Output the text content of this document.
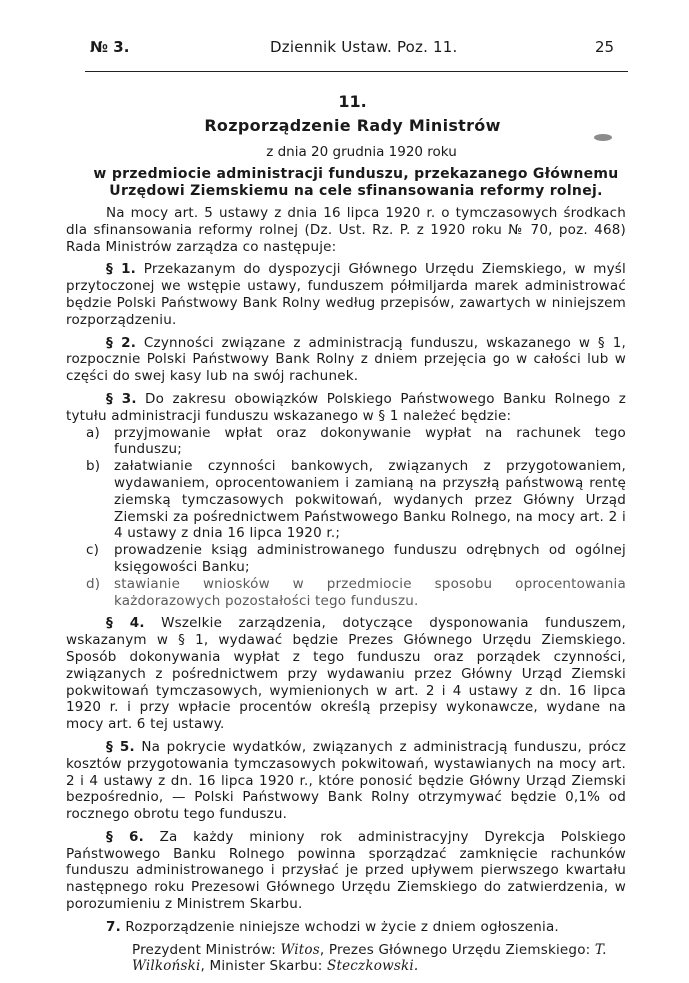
№ 3.	Dziennik Ustaw. Poz. 11.	25
11.
Rozporządzenie Rady Ministrów
z dnia 20 grudnia 1920 roku
w przedmiocie administracji funduszu, przekazanego Głównemu Urzędowi Ziemskiemu na cele sfinansowania reformy rolnej.

Na mocy art. 5 ustawy z dnia 16 lipca 1920 r. o tymczasowych środkach dla sfinansowania reformy rolnej (Dz. Ust. Rz. P. z 1920 roku № 70, poz. 468) Rada Ministrów zarządza co następuje:

§ 1. Przekazanym do dyspozycji Głównego Urzędu Ziemskiego, w myśl przytoczonej we wstępie ustawy, funduszem półmiljarda marek administrować będzie Polski Państwowy Bank Rolny według przepisów, zawartych w niniejszem rozporządzeniu.

§ 2. Czynności związane z administracją funduszu, wskazanego w § 1, rozpocznie Polski Państwowy Bank Rolny z dniem przejęcia go w całości lub w części do swej kasy lub na swój rachunek.

§ 3. Do zakresu obowiązków Polskiego Państwowego Banku Rolnego z tytułu administracji funduszu wskazanego w § 1 należeć będzie:

a) przyjmowanie wpłat oraz dokonywanie wypłat na rachunek tego funduszu;
b) załatwianie czynności bankowych, związanych z przygotowaniem, wydawaniem, oprocentowaniem i zamianą na przyszłą państwową rentę ziemską tymczasowych pokwitowań, wydanych przez Główny Urząd Ziemski za pośrednictwem Państwowego Banku Rolnego, na mocy art. 2 i 4 ustawy z dnia 16 lipca 1920 r.;
c) prowadzenie ksiąg administrowanego funduszu odrębnych od ogólnej księgowości Banku;
d) stawianie wniosków w przedmiocie sposobu oprocentowania każdorazowych pozostałości tego funduszu.

§ 4. Wszelkie zarządzenia, dotyczące dysponowania funduszem, wskazanym w § 1, wydawać będzie Prezes Głównego Urzędu Ziemskiego. Sposób dokonywania wypłat z tego funduszu oraz porządek czynności, związanych z pośrednictwem przy wydawaniu przez Główny Urząd Ziemski pokwitowań tymczasowych, wymienionych w art. 2 i 4 ustawy z dn. 16 lipca 1920 r. i przy wpłacie procentów określą przepisy wykonawcze, wydane na mocy art. 6 tej ustawy.

§ 5. Na pokrycie wydatków, związanych z administracją funduszu, prócz kosztów przygotowania tymczasowych pokwitowań, wystawianych na mocy art. 2 i 4 ustawy z dn. 16 lipca 1920 r., które ponosić będzie Główny Urząd Ziemski bezpośrednio, — Polski Państwowy Bank Rolny otrzymywać będzie 0,1% od rocznego obrotu tego funduszu.

§ 6. Za każdy miniony rok administracyjny Dyrekcja Polskiego Państwowego Banku Rolnego powinna sporządzać zamknięcie rachunków funduszu administrowanego i przysłać je przed upływem pierwszego kwartału następnego roku Prezesowi Głównego Urzędu Ziemskiego do zatwierdzenia, w porozumieniu z Ministrem Skarbu.

7. Rozporządzenie niniejsze wchodzi w życie z dniem ogłoszenia.

Prezydent Ministrów: Witos, Prezes Głównego Urzędu Ziemskiego: T. Wilkoński, Minister Skarbu: Steczkowski.
